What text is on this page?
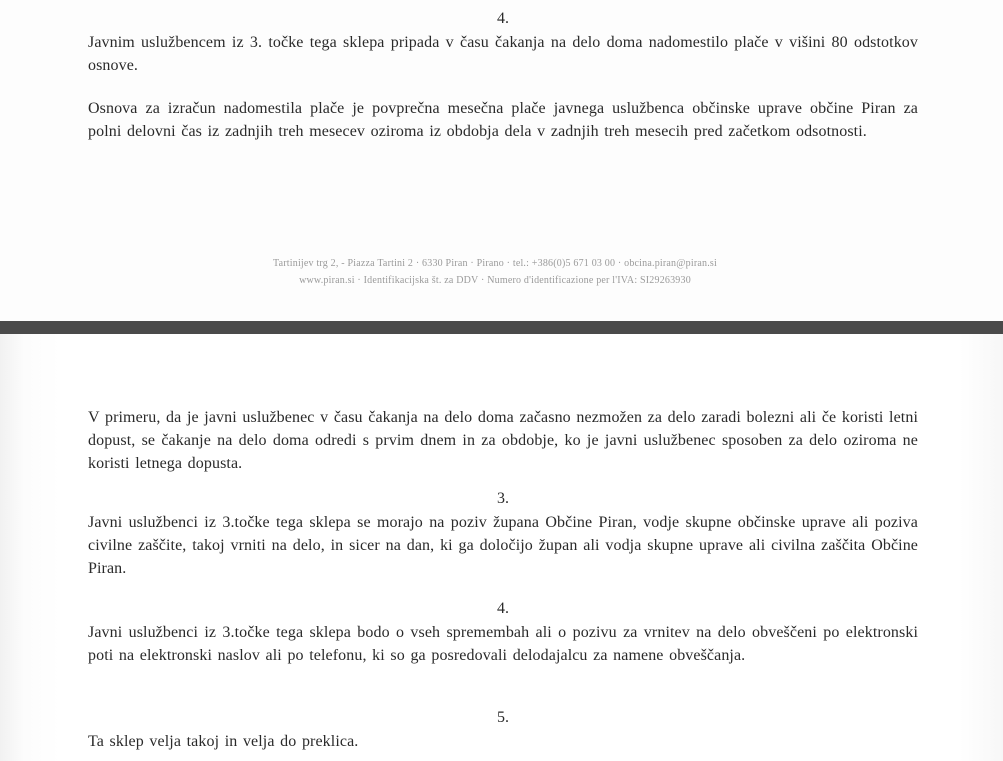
4.
Javnim uslužbencem iz 3. točke tega sklepa pripada v času čakanja na delo doma nadomestilo plače v višini 80 odstotkov osnove.
Osnova za izračun nadomestila plače je povprečna mesečna plače javnega uslužbenca občinske uprave občine Piran za polni delovni čas iz zadnjih treh mesecev oziroma iz obdobja dela v zadnjih treh mesecih pred začetkom odsotnosti.
Tartinijev trg 2, - Piazza Tartini 2 · 6330 Piran · Pirano · tel.: +386(0)5 671 03 00 · obcina.piran@piran.si
www.piran.si · Identifikacijska št. za DDV · Numero d'identificazione per l'IVA: SI29263930
V primeru, da je javni uslužbenec v času čakanja na delo doma začasno nezmožen za delo zaradi bolezni ali če koristi letni dopust, se čakanje na delo doma odredi s prvim dnem in za obdobje, ko je javni uslužbenec sposoben za delo oziroma ne koristi letnega dopusta.
3.
Javni uslužbenci iz 3.točke tega sklepa se morajo na poziv župana Občine Piran, vodje skupne občinske uprave ali poziva civilne zaščite, takoj vrniti na delo, in sicer na dan, ki ga določijo župan ali vodja skupne uprave ali civilna zaščita Občine Piran.
4.
Javni uslužbenci iz 3.točke tega sklepa bodo o vseh spremembah ali o pozivu za vrnitev na delo obveščeni po elektronski poti na elektronski naslov ali po telefonu, ki so ga posredovali delodajalcu za namene obveščanja.
5.
Ta sklep velja takoj in velja do preklica.
